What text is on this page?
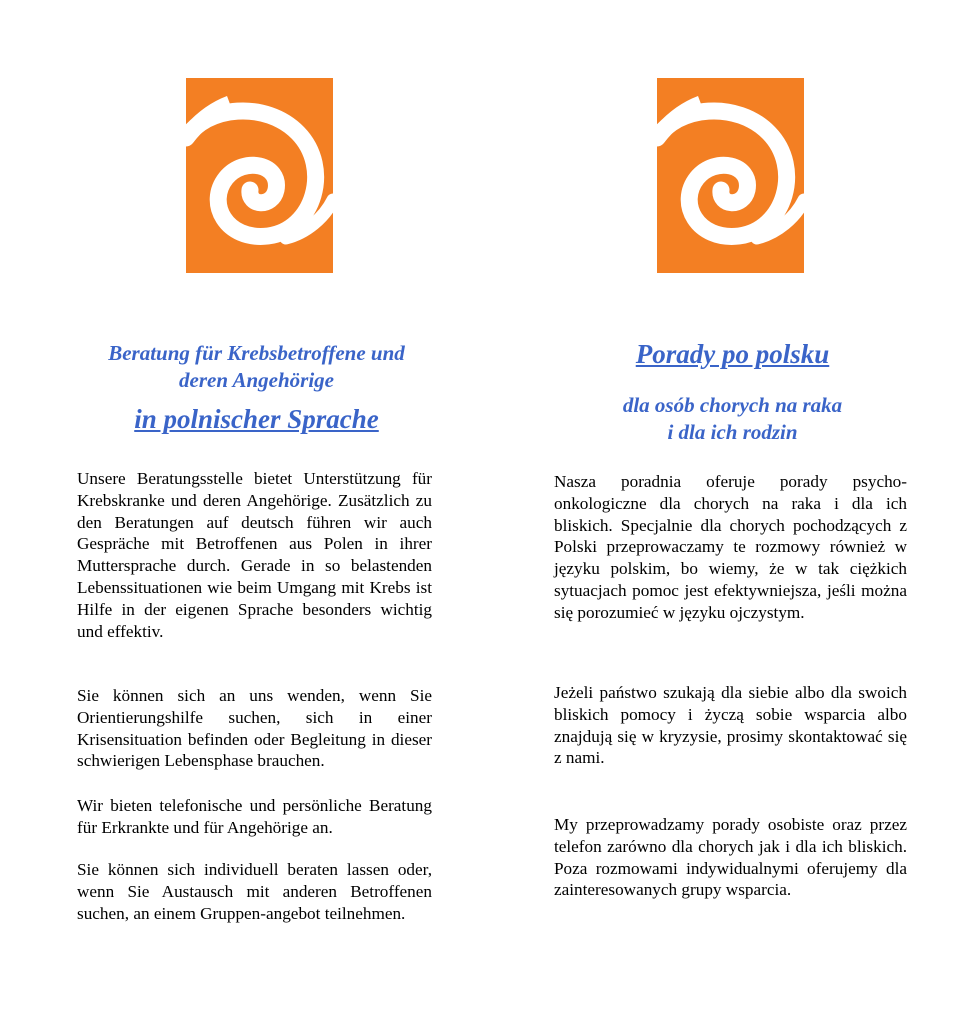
Beratung für Krebsbetroffene und
deren Angehörige
in polnischer Sprache
Porady po polsku
dla osób chorych na raka
i dla ich rodzin

Unsere Beratungsstelle bietet Unterstützung für Krebskranke und deren Angehörige. Zusätzlich zu den Beratungen auf deutsch führen wir auch Gespräche mit Betroffenen aus Polen in ihrer Muttersprache durch. Gerade in so belastenden Lebenssituationen wie beim Umgang mit Krebs ist Hilfe in der eigenen Sprache besonders wichtig und effektiv.

Sie können sich an uns wenden, wenn Sie Orientierungshilfe suchen, sich in einer Krisensituation befinden oder Begleitung in dieser schwierigen Lebensphase brauchen.

Wir bieten telefonische und persönliche Beratung für Erkrankte und für Angehörige an.

Sie können sich individuell beraten lassen oder, wenn Sie Austausch mit anderen Betroffenen suchen, an einem Gruppen-angebot teilnehmen.

Nasza poradnia oferuje porady psycho-onkologiczne dla chorych na raka i dla ich bliskich. Specjalnie dla chorych pochodzących z Polski przeprowaczamy te rozmowy również w języku polskim, bo wiemy, że w tak ciężkich sytuacjach pomoc jest efektywniejsza, jeśli można się porozumieć w języku ojczystym.

Jeżeli państwo szukają dla siebie albo dla swoich bliskich pomocy i życzą sobie wsparcia albo znajdują się w kryzysie, prosimy skontaktować się z nami.

My przeprowadzamy porady osobiste oraz przez telefon zarówno dla chorych jak i dla ich bliskich. Poza rozmowami indywidualnymi oferujemy dla zainteresowanych grupy wsparcia.
